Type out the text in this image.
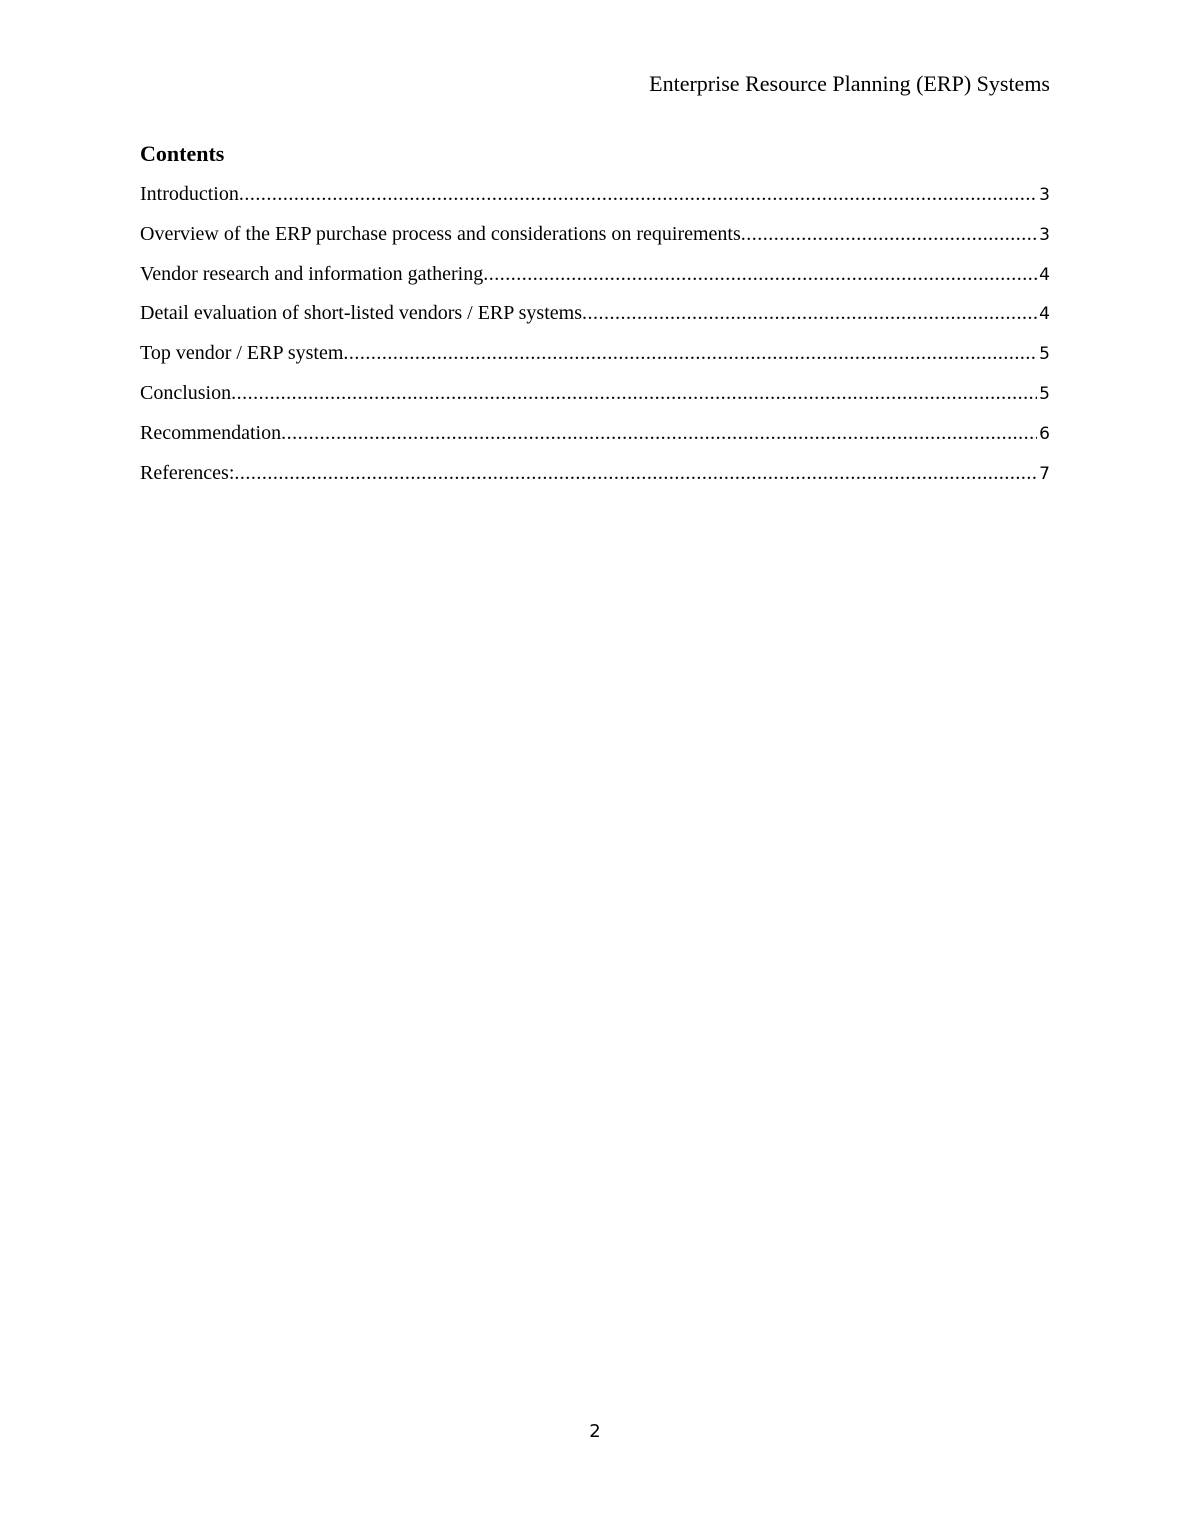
Enterprise Resource Planning (ERP) Systems
Contents
Introduction .....	3
Overview of the ERP purchase process and considerations on requirements .....	3
Vendor research and information gathering .....	4
Detail evaluation of short-listed vendors / ERP systems .....	4
Top vendor / ERP system .....	5
Conclusion .....	5
Recommendation .....	6
References: .....	7
2
